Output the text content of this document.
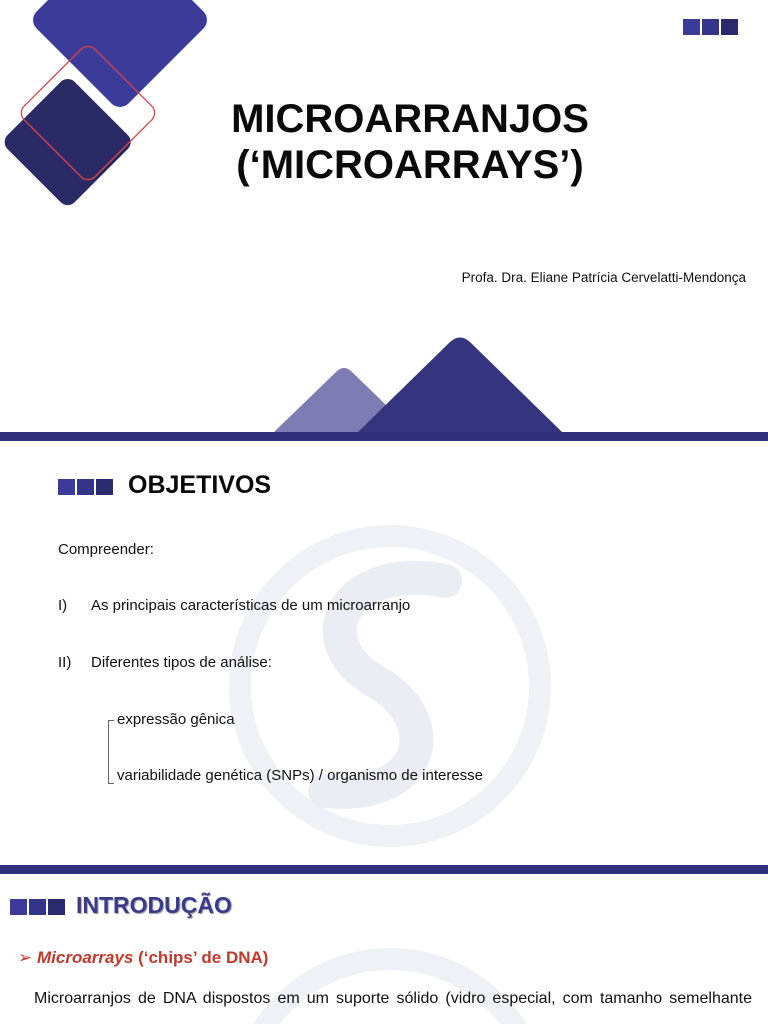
MICROARRANJOS
(‘MICROARRAYS’)
Profa. Dra. Eliane Patrícia Cervelatti-Mendonça
OBJETIVOS
Compreender:
I) As principais características de um microarranjo
II) Diferentes tipos de análise:
expressão gênica
variabilidade genética (SNPs) / organismo de interesse
INTRODUÇÃO
➢ Microarrays (‘chips’ de DNA)
Microarranjos de DNA dispostos em um suporte sólido (vidro especial, com tamanho semelhante
